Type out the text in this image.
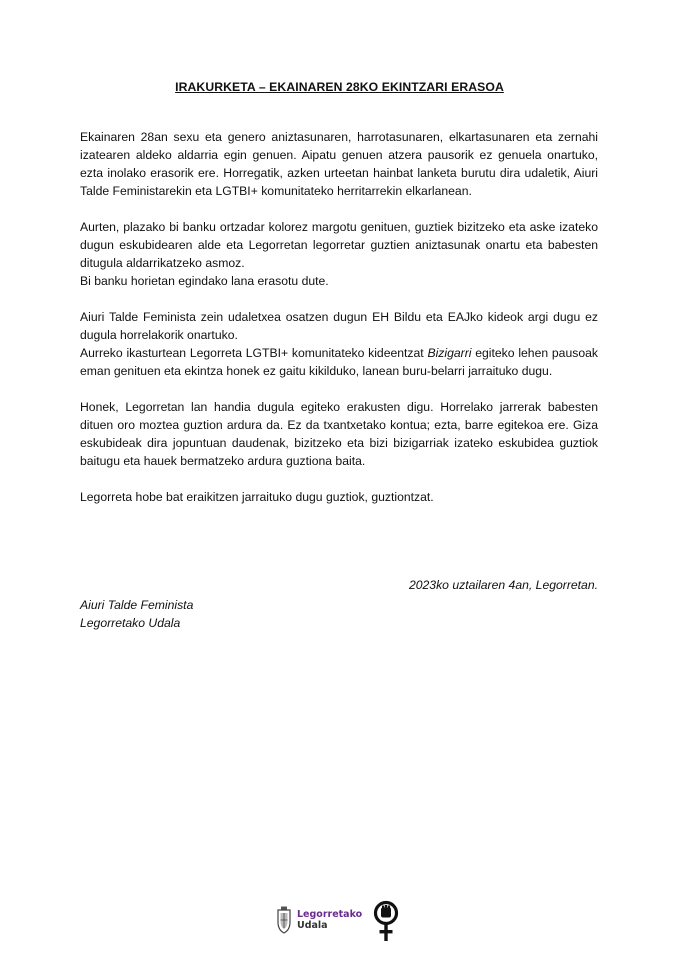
IRAKURKETA – EKAINAREN 28KO EKINTZARI ERASOA

Ekainaren 28an sexu eta genero aniztasunaren, harrotasunaren, elkartasunaren eta zernahi izatearen aldeko aldarria egin genuen. Aipatu genuen atzera pausorik ez genuela onartuko, ezta inolako erasorik ere. Horregatik, azken urteetan hainbat lanketa burutu dira udaletik, Aiuri Talde Feministarekin eta LGTBI+ komunitateko herritarrekin elkarlanean.

Aurten, plazako bi banku ortzadar kolorez margotu genituen, guztiek bizitzeko eta aske izateko dugun eskubidearen alde eta Legorretan legorretar guztien aniztasunak onartu eta babesten ditugula aldarrikatzeko asmoz.
Bi banku horietan egindako lana erasotu dute.

Aiuri Talde Feminista zein udaletxea osatzen dugun EH Bildu eta EAJko kideok argi dugu ez dugula horrelakorik onartuko.
Aurreko ikasturtean Legorreta LGTBI+ komunitateko kideentzat Bizigarri egiteko lehen pausoak eman genituen eta ekintza honek ez gaitu kikilduko, lanean buru-belarri jarraituko dugu.

Honek, Legorretan lan handia dugula egiteko erakusten digu. Horrelako jarrerak babesten dituen oro moztea guztion ardura da. Ez da txantxetako kontua; ezta, barre egitekoa ere. Giza eskubideak dira jopuntuan daudenak, bizitzeko eta bizi bizigarriak izateko eskubidea guztiok baitugu eta hauek bermatzeko ardura guztiona baita.

Legorreta hobe bat eraikitzen jarraituko dugu guztiok, guztiontzat.

2023ko uztailaren 4an, Legorretan.
Aiuri Talde Feminista
Legorretako Udala
Legorretako
Udala
